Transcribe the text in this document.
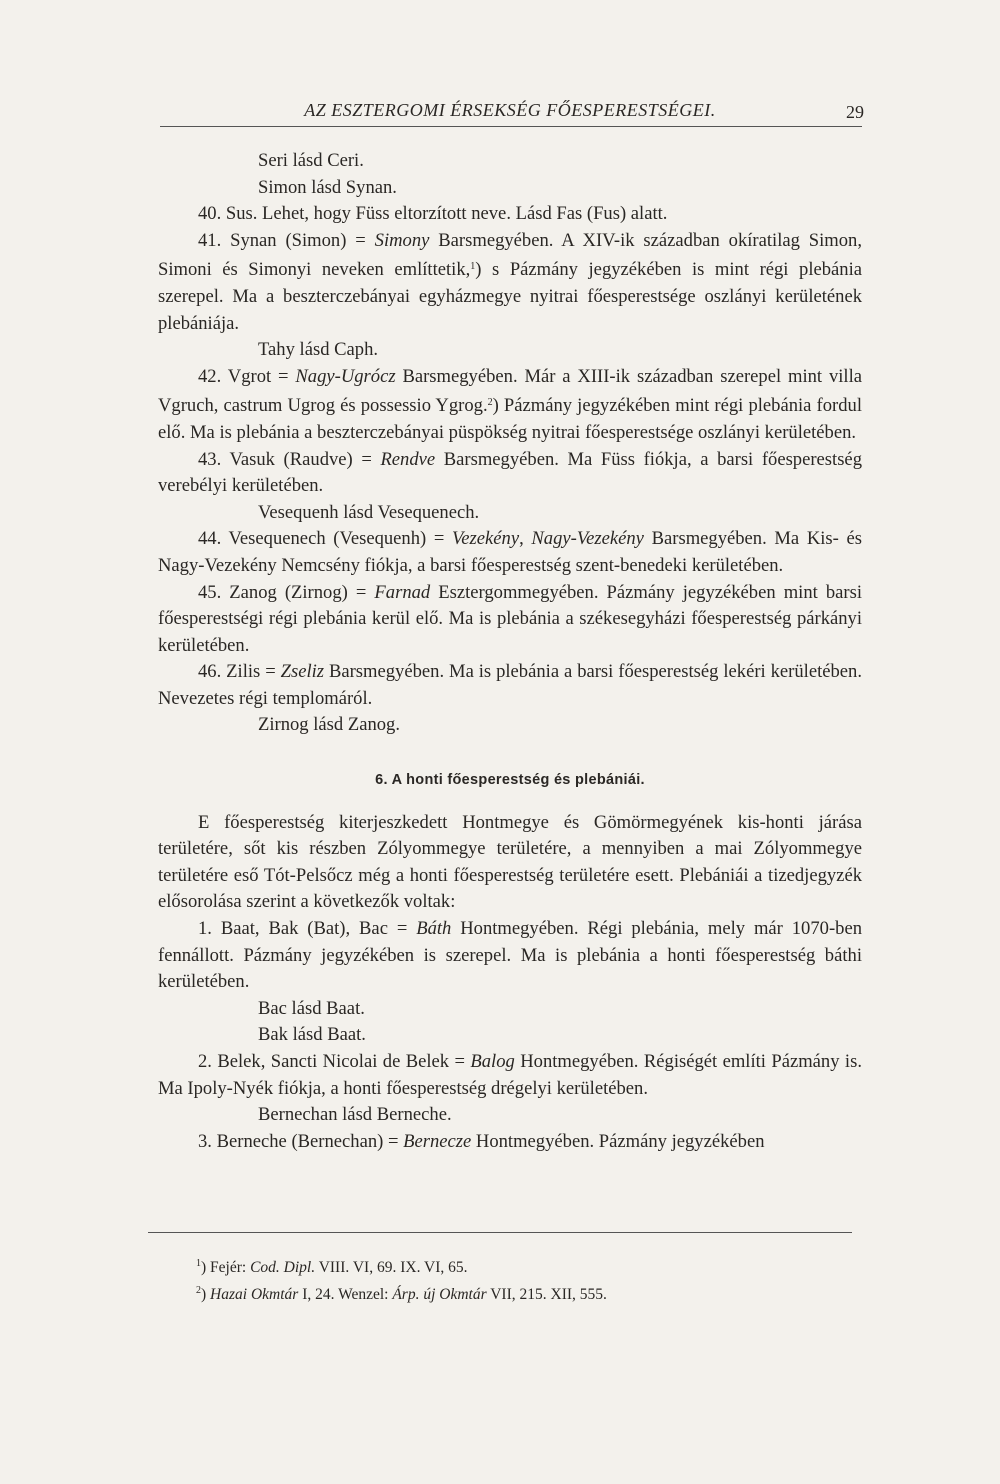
AZ ESZTERGOMI ÉRSEKSÉG FŐESPERESTSÉGEI.	29

Seri lásd Ceri.

Simon lásd Synan.

40. Sus. Lehet, hogy Füss eltorzított neve. Lásd Fas (Fus) alatt.

41. Synan (Simon) = Simony Barsmegyében. A XIV-ik században okíratilag Simon, Simoni és Simonyi neveken említtetik,$^1$) s Pázmány jegyzékében is mint régi plebánia szerepel. Ma a beszterczebányai egyházmegye nyitrai főesperestsége oszlányi kerületének plebániája.

Tahy lásd Caph.

42. Vgrot = Nagy-Ugrócz Barsmegyében. Már a XIII-ik században szerepel mint villa Vgruch, castrum Ugrog és possessio Ygrog.$^2$) Pázmány jegyzékében mint régi plebánia fordul elő. Ma is plebánia a beszterczebányai püspökség nyitrai főesperestsége oszlányi kerületében.

43. Vasuk (Raudve) = Rendve Barsmegyében. Ma Füss fiókja, a barsi főesperestség verebélyi kerületében.

Vesequenh lásd Vesequenech.

44. Vesequenech (Vesequenh) = Vezekény, Nagy-Vezekény Barsmegyében. Ma Kis- és Nagy-Vezekény Nemcsény fiókja, a barsi főesperestség szent-benedeki kerületében.

45. Zanog (Zirnog) = Farnad Esztergommegyében. Pázmány jegyzékében mint barsi főesperestségi régi plebánia kerül elő. Ma is plebánia a székesegyházi főesperestség párkányi kerületében.

46. Zilis = Zseliz Barsmegyében. Ma is plebánia a barsi főesperestség lekéri kerületében. Nevezetes régi templomáról.

Zirnog lásd Zanog.

6. A honti főesperestség és plebániái.

E főesperestség kiterjeszkedett Hontmegye és Gömörmegyének kis-honti járása területére, sőt kis részben Zólyommegye területére, a mennyiben a mai Zólyommegye területére eső Tót-Pelsőcz még a honti főesperestség területére esett. Plebániái a tizedjegyzék elősorolása szerint a következők voltak:

1. Baat, Bak (Bat), Bac = Báth Hontmegyében. Régi plebánia, mely már 1070-ben fennállott. Pázmány jegyzékében is szerepel. Ma is plebánia a honti főesperestség báthi kerületében.

Bac lásd Baat.

Bak lásd Baat.

2. Belek, Sancti Nicolai de Belek = Balog Hontmegyében. Régiségét említi Pázmány is. Ma Ipoly-Nyék fiókja, a honti főesperestség drégelyi kerületében.

Bernechan lásd Berneche.

3. Berneche (Bernechan) = Bernecze Hontmegyében. Pázmány jegyzékében

$^1$) Fejér: Cod. Dipl. VIII. VI, 69. IX. VI, 65.

$^2$) Hazai Okmtár I, 24. Wenzel: Árp. új Okmtár VII, 215. XII, 555.
